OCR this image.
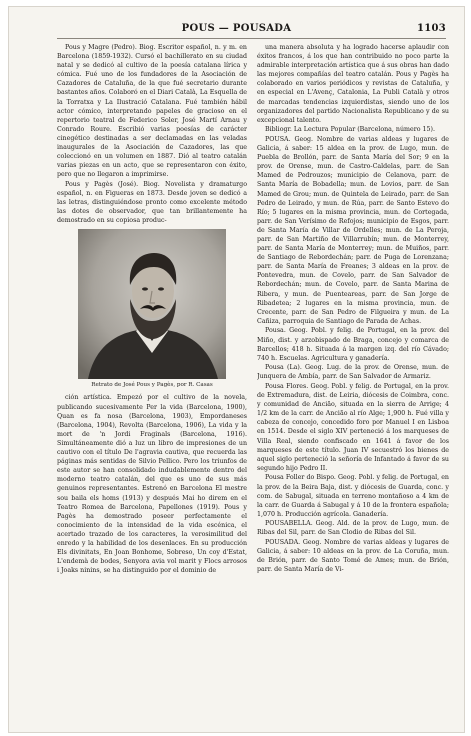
POUS — POUSADA	1103

Pous y Magre (Pedro). Biog. Escritor español, n. y m. en Barcelona (1859-1932). Cursó el bachillerato en su ciudad natal y se dedicó al cultivo de la poesía catalana lírica y cómica. Fué uno de los fundadores de la Asociación de Cazadores de Cataluña, de la que fué secretario durante bastantes años. Colaboró en el Diari Català, La Esquella de la Torratxa y La Ilustració Catalana. Fué también hábil actor cómico, interpretando papeles de gracioso en el repertorio teatral de Federico Soler, José Martí Arnau y Conrado Roure. Escribió varias poesías de carácter cinegético destinadas a ser declamadas en las veladas inaugurales de la Asociación de Cazadores, las que coleccionó en un volumen en 1887. Dió al teatro catalán varias piezas en un acto, que se representaron con éxito, pero que no llegaron a imprimirse.

Pous y Pagès (José). Biog. Novelista y dramaturgo español, n. en Figueras en 1873. Desde joven se dedicó a las letras, distinguiéndose pronto como excelente método las dotes de observador, que tan brillantemente ha demostrado en su copiosa produc-

Retrato de José Pous y Pagès, por R. Casas

ción artística. Empezó por el cultivo de la novela, publicando sucesivamente Per la vida (Barcelona, 1900), Quan es fa nosa (Barcelona, 1903), Empordaneses (Barcelona, 1904), Revolta (Barcelona, 1906), La vida y la mort de 'n Jordi Fraginals (Barcelona, 1916). Simultáneamente dió a luz un libro de impresiones de un cautivo con el título De l'agravia cautiva, que recuerda las páginas más sentidas de Silvio Pellico. Pero los triunfos de este autor se han consolidado indudablemente dentro del moderno teatro catalán, del que es uno de sus más genuinos representantes. Estrenó en Barcelona El mestre sou baila els homs (1913) y después Mai ho direm en el Teatro Romea de Barcelona, Papellones (1919). Pous y Pagès ha demostrado poseer perfectamente el conocimiento de la intensidad de la vida escénica, el acertado trazado de los caracteres, la verosimilitud del enredo y la habilidad de los desenlaces. En su producción Els divinitats, En Joan Bonhome, Sobreso, Un coy d'Estat, L'endemà de bodes, Senyora avia vol marit y Flocs arrosos i Joaks ninins, se ha distinguido por el dominio de

una manera absoluta y ha logrado hacerse aplaudir con éxitos francos, á los que han contribuido no poco parte la admirable interpretación artística que á sus obras han dado las mejores compañías del teatro catalán. Pous y Pagès ha colaborado en varios periódicos y revistas de Cataluña, y en especial en L'Avenç, Catalonia, La Publi Català y otros de marcadas tendencias izquierdistas, siendo uno de los organizadores del partido Nacionalista Republicano y de su excepcional talento.

Bibliogr. La Lectura Popular (Barcelona, número 15).

POUSA. Geog. Nombre de varias aldeas y lugares de Galicia, á saber: 15 aldea en la prov. de Lugo, mun. de Puebla de Brollón, parr. de Santa María del Sor; 9 en la prov. de Orense, mun. de Castro-Caldelas, parr. de San Mamed de Pedrouzos; municipio de Celanova, parr. de Santa María de Bobadella; mun. de Lovios, parr. de San Mamed de Grou; mun. de Quintela de Leirado, parr. de San Pedro de Leirado, y mun. de Rúa, parr. de Santo Estevo do Río; 5 lugares en la misma provincia, mun. de Cortegada, parr. de San Verísimo de Refojos; municipio de Esgos, parr. de Santa María de Villar de Ordelles; mun. de La Peroja, parr. de San Martiño de Villarrubín; mun. de Monterrey, parr. de Santa María de Monterrey; mun. de Muiños, parr. de Santiago de Rebordechán; parr. de Puga de Lorenzana; parr. de Santa María de Freanes; 3 aldeas en la prov. de Pontevedra, mun. de Covelo, parr. de San Salvador de Rebordechán; mun. de Covelo, parr. de Santa Marina de Ribera, y mun. de Puenteareas, parr. de San Jorge de Ribadetea; 2 lugares en la misma provincia, mun. de Crecente, parr. de San Pedro de Filgueira y mun. de La Cañiza, parroquia de Santiago de Parada de Achas.

Pousa. Geog. Pobl. y felig. de Portugal, en la prov. del Miño, dist. y arzobispado de Braga, concejo y comarca de Barcellos; 418 h. Situada á la margen izq. del río Cávado; 740 h. Escuelas. Agricultura y ganadería.

Pousa (La). Geog. Lug. de la prov. de Orense, mun. de Junquera de Ambía, parr. de San Salvador de Armariz.

Pousa Flores. Geog. Pobl. y felig. de Portugal, en la prov. de Extremadura, dist. de Leiria, diócesis de Coimbra, conc. y comunidad de Ancião, situada en la sierra de Arrige; 4 1/2 km de la carr. de Ancião al río Alge; 1,900 h. Fué villa y cabeza de concejo, concedido foro por Manuel I en Lisboa en 1514. Desde el siglo XIV perteneció á los marqueses de Villa Real, siendo confiscado en 1641 á favor de los marqueses de este título. Juan IV secuestró los bienes de aquel siglo perteneció la señoría de Infantado á favor de su segundo hijo Pedro II.

Pousa Foller do Bispo. Geog. Pobl. y felig. de Portugal, en la prov. de la Beira Baja, dist. y diócesis de Guarda, conc. y com. de Sabugal, situada en terreno montañoso a 4 km de la carr. de Guarda á Sabugal y á 10 de la frontera española; 1,070 h. Producción agrícola. Ganadería.

POUSABELLA. Geog. Ald. de la prov. de Lugo, mun. de Ribas del Sil, parr. de San Clodio de Ribas del Sil.

POUSADA. Geog. Nombre de varias aldeas y lugares de Galicia, á saber: 10 aldeas en la prov. de La Coruña, mun. de Brión, parr. de Santo Tomé de Ames; mun. de Brión, parr. de Santa María de Vi-
